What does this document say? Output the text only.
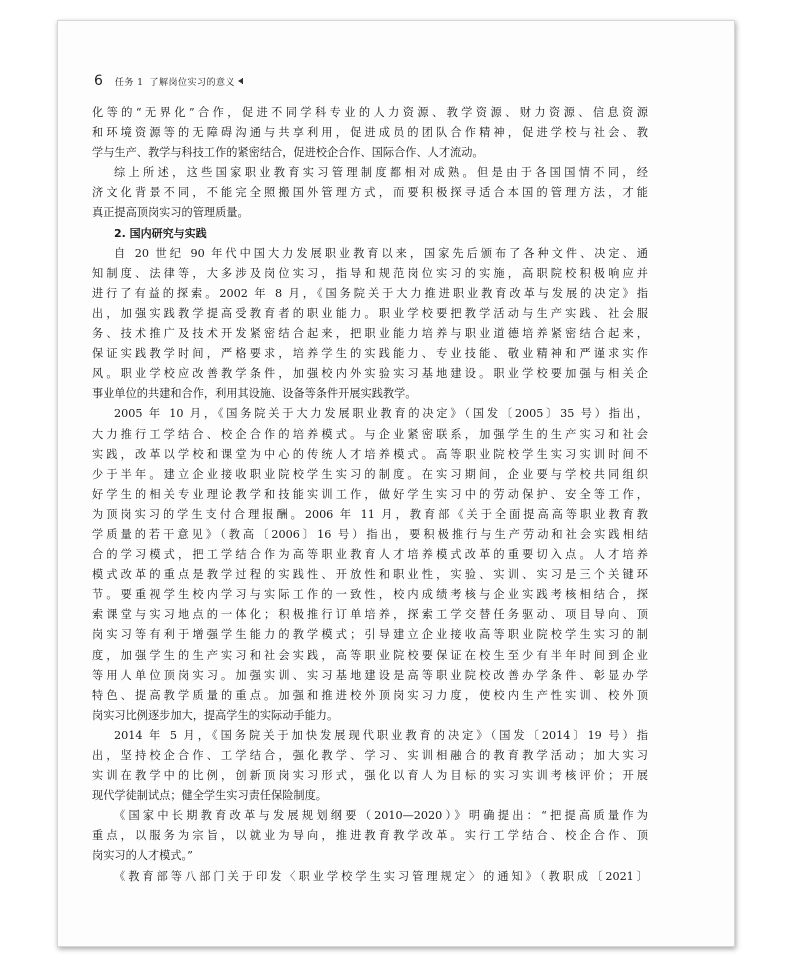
6 任务 1 了解岗位实习的意义
化等的“无界化”合作，促进不同学科专业的人力资源、教学资源、财力资源、信息资源
和环境资源等的无障碍沟通与共享利用，促进成员的团队合作精神，促进学校与社会、教
学与生产、教学与科技工作的紧密结合，促进校企合作、国际合作、人才流动。
综上所述，这些国家职业教育实习管理制度都相对成熟。但是由于各国国情不同，经
济文化背景不同，不能完全照搬国外管理方式，而要积极探寻适合本国的管理方法，才能
真正提高顶岗实习的管理质量。
2. 国内研究与实践
自 20 世纪 90 年代中国大力发展职业教育以来，国家先后颁布了各种文件、决定、通
知制度、法律等，大多涉及岗位实习，指导和规范岗位实习的实施，高职院校积极响应并
进行了有益的探索。2002 年 8 月，《国务院关于大力推进职业教育改革与发展的决定》指
出，加强实践教学提高受教育者的职业能力。职业学校要把教学活动与生产实践、社会服
务、技术推广及技术开发紧密结合起来，把职业能力培养与职业道德培养紧密结合起来，
保证实践教学时间，严格要求，培养学生的实践能力、专业技能、敬业精神和严谨求实作
风。职业学校应改善教学条件，加强校内外实验实习基地建设。职业学校要加强与相关企
事业单位的共建和合作，利用其设施、设备等条件开展实践教学。
2005 年 10 月，《国务院关于大力发展职业教育的决定》（国发〔2005〕35 号）指出，
大力推行工学结合、校企合作的培养模式。与企业紧密联系，加强学生的生产实习和社会
实践，改革以学校和课堂为中心的传统人才培养模式。高等职业院校学生实习实训时间不
少于半年。建立企业接收职业院校学生实习的制度。在实习期间，企业要与学校共同组织
好学生的相关专业理论教学和技能实训工作，做好学生实习中的劳动保护、安全等工作，
为顶岗实习的学生支付合理报酬。2006 年 11 月，教育部《关于全面提高高等职业教育教
学质量的若干意见》（教高〔2006〕16 号）指出，要积极推行与生产劳动和社会实践相结
合的学习模式，把工学结合作为高等职业教育人才培养模式改革的重要切入点。人才培养
模式改革的重点是教学过程的实践性、开放性和职业性，实验、实训、实习是三个关键环
节。要重视学生校内学习与实际工作的一致性，校内成绩考核与企业实践考核相结合，探
索课堂与实习地点的一体化；积极推行订单培养，探索工学交替任务驱动、项目导向、顶
岗实习等有利于增强学生能力的教学模式；引导建立企业接收高等职业院校学生实习的制
度，加强学生的生产实习和社会实践，高等职业院校要保证在校生至少有半年时间到企业
等用人单位顶岗实习。加强实训、实习基地建设是高等职业院校改善办学条件、彰显办学
特色、提高教学质量的重点。加强和推进校外顶岗实习力度，使校内生产性实训、校外顶
岗实习比例逐步加大，提高学生的实际动手能力。
2014 年 5 月，《国务院关于加快发展现代职业教育的决定》（国发〔2014〕19 号）指
出，坚持校企合作、工学结合，强化教学、学习、实训相融合的教育教学活动；加大实习
实训在教学中的比例，创新顶岗实习形式，强化以育人为目标的实习实训考核评价；开展
现代学徒制试点；健全学生实习责任保险制度。
《国家中长期教育改革与发展规划纲要（2010—2020）》明确提出：“把提高质量作为
重点，以服务为宗旨，以就业为导向，推进教育教学改革。实行工学结合、校企合作、顶
岗实习的人才模式。”
《教育部等八部门关于印发〈职业学校学生实习管理规定〉的通知》（教职成〔2021〕
